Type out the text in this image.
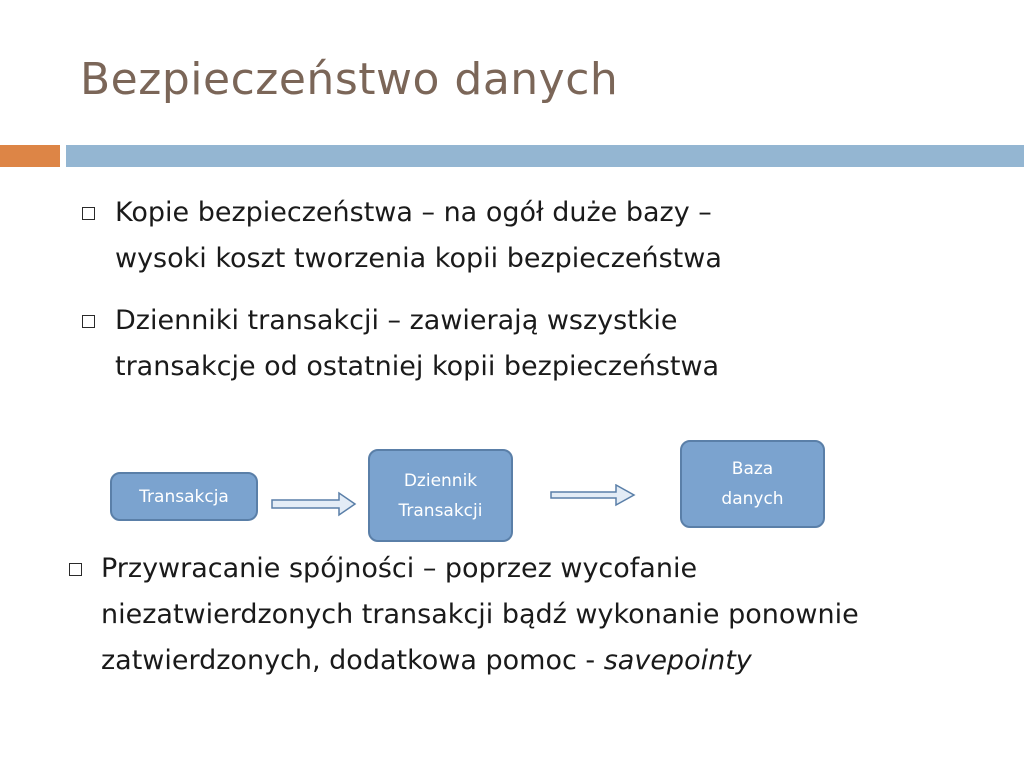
Bezpieczeństwo danych
Kopie bezpieczeństwa – na ogół duże bazy –
wysoki koszt tworzenia kopii bezpieczeństwa
Dzienniki transakcji – zawierają wszystkie
transakcje od ostatniej kopii bezpieczeństwa
Transakcja
Dziennik
Transakcji
Baza
danych
Przywracanie spójności – poprzez wycofanie
niezatwierdzonych transakcji bądź wykonanie ponownie
zatwierdzonych, dodatkowa pomoc - savepointy
